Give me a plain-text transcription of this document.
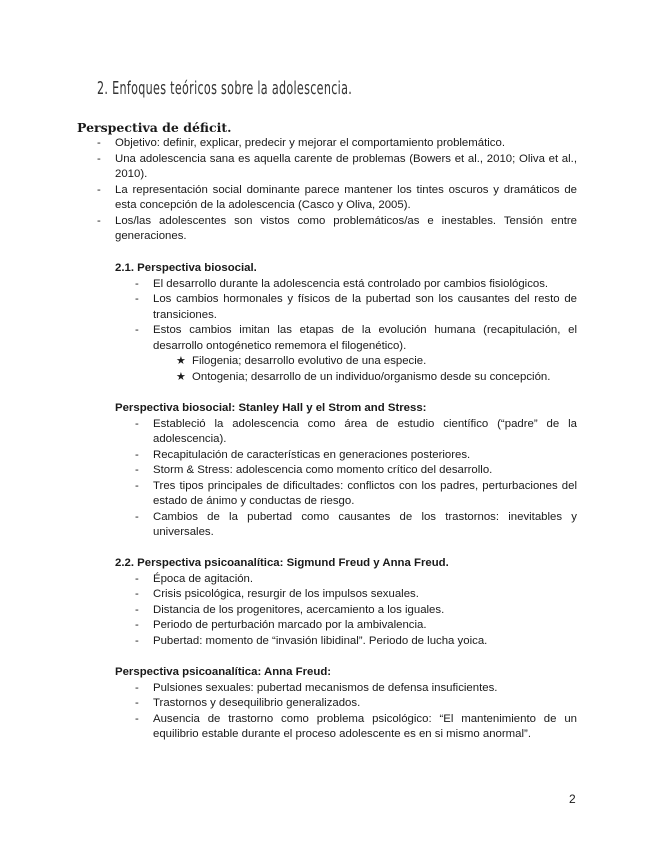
2. Enfoques teóricos sobre la adolescencia.
Perspectiva de déficit.
- Objetivo: definir, explicar, predecir y mejorar el comportamiento problemático.
- Una adolescencia sana es aquella carente de problemas (Bowers et al., 2010; Oliva et al., 2010).
- La representación social dominante parece mantener los tintes oscuros y dramáticos de esta concepción de la adolescencia (Casco y Oliva, 2005).
- Los/las adolescentes son vistos como problemáticos/as e inestables. Tensión entre generaciones.
2.1. Perspectiva biosocial.
- El desarrollo durante la adolescencia está controlado por cambios fisiológicos.
- Los cambios hormonales y físicos de la pubertad son los causantes del resto de transiciones.
- Estos cambios imitan las etapas de la evolución humana (recapitulación, el desarrollo ontogénetico rememora el filogenético).
★ Filogenia; desarrollo evolutivo de una especie.
★ Ontogenia; desarrollo de un individuo/organismo desde su concepción.
Perspectiva biosocial: Stanley Hall y el Strom and Stress:
- Estableció la adolescencia como área de estudio científico (“padre” de la adolescencia).
- Recapitulación de características en generaciones posteriores.
- Storm & Stress: adolescencia como momento crítico del desarrollo.
- Tres tipos principales de dificultades: conflictos con los padres, perturbaciones del estado de ánimo y conductas de riesgo.
- Cambios de la pubertad como causantes de los trastornos: inevitables y universales.
2.2. Perspectiva psicoanalítica: Sigmund Freud y Anna Freud.
- Época de agitación.
- Crisis psicológica, resurgir de los impulsos sexuales.
- Distancia de los progenitores, acercamiento a los iguales.
- Periodo de perturbación marcado por la ambivalencia.
- Pubertad: momento de “invasión libidinal”. Periodo de lucha yoica.
Perspectiva psicoanalítica: Anna Freud:
- Pulsiones sexuales: pubertad mecanismos de defensa insuficientes.
- Trastornos y desequilibrio generalizados.
- Ausencia de trastorno como problema psicológico: “El mantenimiento de un equilibrio estable durante el proceso adolescente es en si mismo anormal”.
2
